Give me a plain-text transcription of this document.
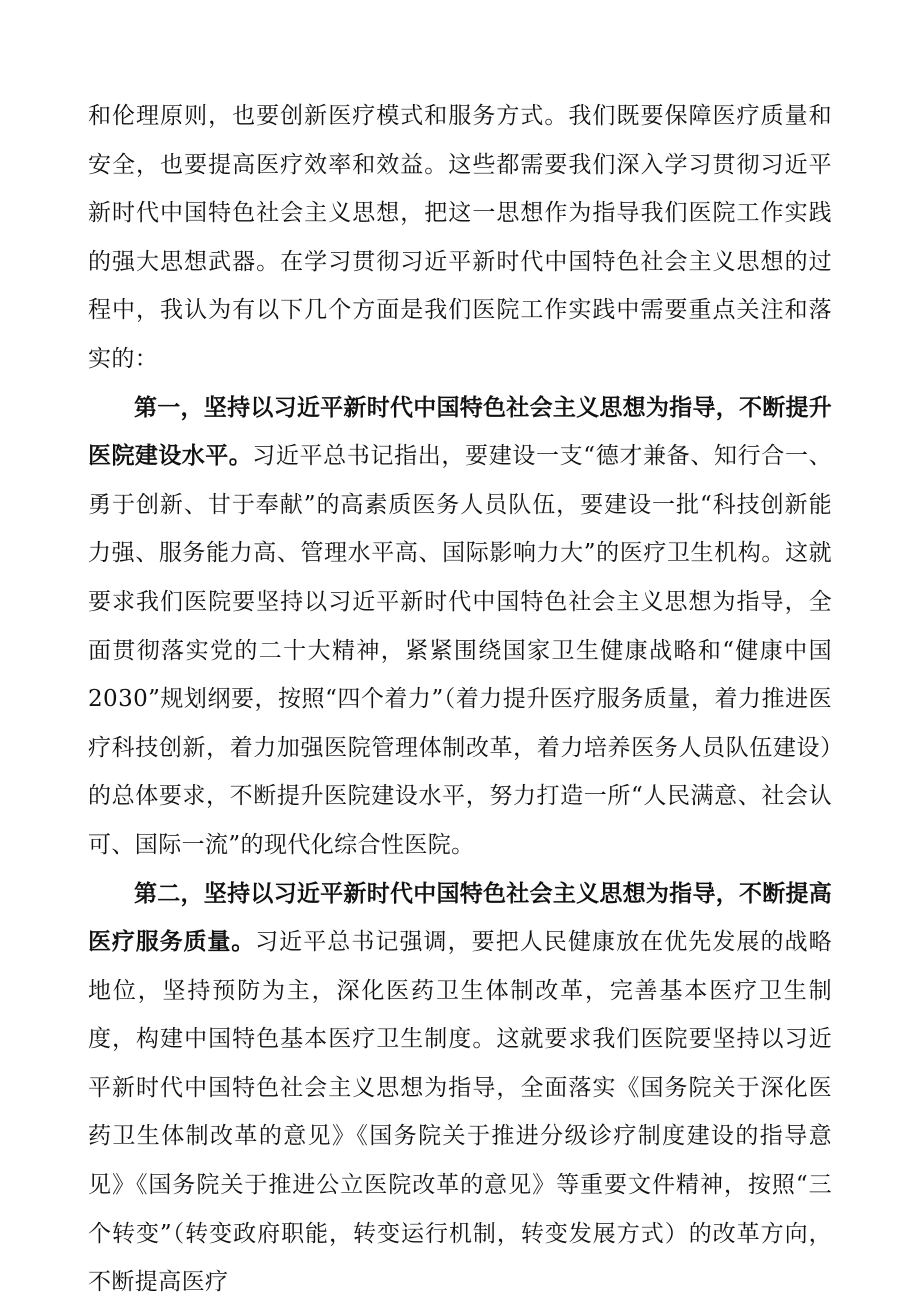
和伦理原则，也要创新医疗模式和服务方式。我们既要保障医疗质量和安全，也要提高医疗效率和效益。这些都需要我们深入学习贯彻习近平新时代中国特色社会主义思想，把这一思想作为指导我们医院工作实践的强大思想武器。在学习贯彻习近平新时代中国特色社会主义思想的过程中，我认为有以下几个方面是我们医院工作实践中需要重点关注和落实的：

第一，坚持以习近平新时代中国特色社会主义思想为指导，不断提升医院建设水平。习近平总书记指出，要建设一支“德才兼备、知行合一、勇于创新、甘于奉献”的高素质医务人员队伍，要建设一批“科技创新能力强、服务能力高、管理水平高、国际影响力大”的医疗卫生机构。这就要求我们医院要坚持以习近平新时代中国特色社会主义思想为指导，全面贯彻落实党的二十大精神，紧紧围绕国家卫生健康战略和“健康中国2030”规划纲要，按照“四个着力”（着力提升医疗服务质量，着力推进医疗科技创新，着力加强医院管理体制改革，着力培养医务人员队伍建设）的总体要求，不断提升医院建设水平，努力打造一所“人民满意、社会认可、国际一流”的现代化综合性医院。

第二，坚持以习近平新时代中国特色社会主义思想为指导，不断提高医疗服务质量。习近平总书记强调，要把人民健康放在优先发展的战略地位，坚持预防为主，深化医药卫生体制改革，完善基本医疗卫生制度，构建中国特色基本医疗卫生制度。这就要求我们医院要坚持以习近平新时代中国特色社会主义思想为指导，全面落实《国务院关于深化医药卫生体制改革的意见》《国务院关于推进分级诊疗制度建设的指导意见》《国务院关于推进公立医院改革的意见》等重要文件精神，按照“三个转变”（转变政府职能，转变运行机制，转变发展方式）的改革方向，不断提高医疗
